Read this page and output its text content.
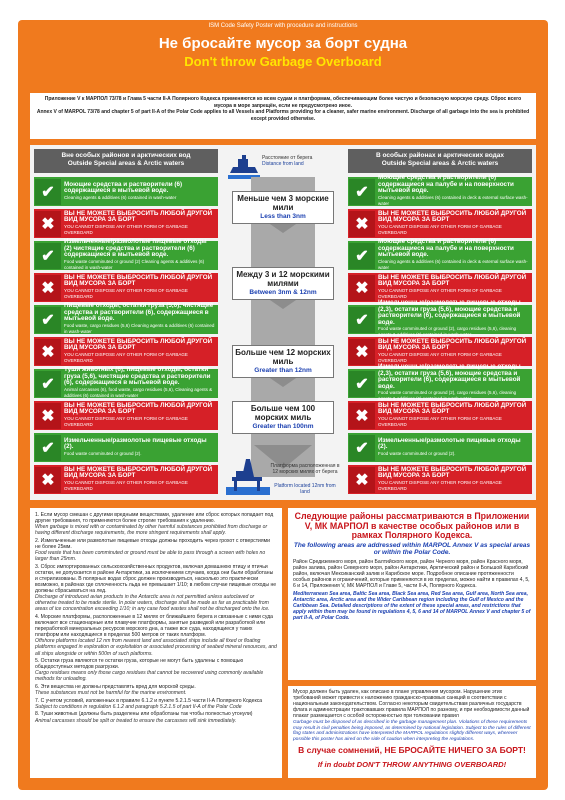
ISM Code Safety Poster with procedure and instructions
Не бросайте мусор за борт судна
Don't throw Garbage Overboard
Приложение V к МАРПОЛ 73/78 и Глава 5 части II-А Полярного Кодекса применяются ко всем судам и платформам, обеспечивающим более чистую и безопасную морскую среду. Сброс всего мусора в море запрещён, если не предусмотрено иное.
Annex V of MARPOL 73/78 and chapter 5 of part II-A of the Polar Code applies to all Vessels and Platforms providing for a cleaner, safer marine environment. Discharge of all garbage into the sea is prohibited except provided otherwise.
Вне особых районов и арктических вод
Outside Special areas & Arctic waters
В особых районах и арктических водах
Outside Special areas & Arctic waters
✔	Моющие средства и растворители (6) содержащиеся в мытьевой воде.
Cleaning agents & additives (6) contained in wash-water
✖
ВЫ НЕ МОЖЕТЕ ВЫБРОСИТЬ ЛЮБОЙ ДРУГОЙ ВИД МУСОРА ЗА БОРТ
YOU CANNOT DISPOSE ANY OTHER FORM OF GARBAGE OVERBOARD
✔
Измельченные/размолотые пищевые отходы (2) чистящие средства и растворители (6) содержащиеся в мытьевой воде.
Food waste comminuted or ground (2) Cleaning agents & additives (6) contained in wash-water
✖
ВЫ НЕ МОЖЕТЕ ВЫБРОСИТЬ ЛЮБОЙ ДРУГОЙ ВИД МУСОРА ЗА БОРТ
YOU CANNOT DISPOSE ANY OTHER FORM OF GARBAGE OVERBOARD
✔
Пищевые отходы, остатки груза (5,6), чистящие средства и растворители (6), содержащиеся в мытьевой воде.
Food waste, cargo residues (5,6) Cleaning agents & additives (6) contained in wash-water
✖
ВЫ НЕ МОЖЕТЕ ВЫБРОСИТЬ ЛЮБОЙ ДРУГОЙ ВИД МУСОРА ЗА БОРТ
YOU CANNOT DISPOSE ANY OTHER FORM OF GARBAGE OVERBOARD
✔
Туши животных (6), пищевые отходы, остатки груза (5,6), чистящие средства и растворители (6), содержащиеся в мытьевой воде.
Animal carcasses (6), food waste, cargo residues (5,6), Cleaning agents & additives (6) contained in wash-water
✖
ВЫ НЕ МОЖЕТЕ ВЫБРОСИТЬ ЛЮБОЙ ДРУГОЙ ВИД МУСОРА ЗА БОРТ
YOU CANNOT DISPOSE ANY OTHER FORM OF GARBAGE OVERBOARD
✔	Измельченные/размолотые пищевые отходы (2).
Food waste comminuted or ground (2).
✖
ВЫ НЕ МОЖЕТЕ ВЫБРОСИТЬ ЛЮБОЙ ДРУГОЙ ВИД МУСОРА ЗА БОРТ
YOU CANNOT DISPOSE ANY OTHER FORM OF GARBAGE OVERBOARD
✔
Моющие средства и растворители (6) содержащиеся на палубе и на поверхности мытьевой воде.
Cleaning agents & additives (6) contained in deck & external surface wash-water
✖
ВЫ НЕ МОЖЕТЕ ВЫБРОСИТЬ ЛЮБОЙ ДРУГОЙ ВИД МУСОРА ЗА БОРТ
YOU CANNOT DISPOSE ANY OTHER FORM OF GARBAGE OVERBOARD
✔
Моющие средства и растворители (6) содержащиеся на палубе и на поверхности мытьевой воде.
Cleaning agents & additives (6) contained in deck & external surface wash-water
✖
ВЫ НЕ МОЖЕТЕ ВЫБРОСИТЬ ЛЮБОЙ ДРУГОЙ ВИД МУСОРА ЗА БОРТ
YOU CANNOT DISPOSE ANY OTHER FORM OF GARBAGE OVERBOARD
✔
Измельченные/размолотые пищевые отходы (2,3), остатки груза (5,6), моющие средства и растворители (6), содержащиеся в мытьевой воде.
Food waste comminuted or ground (2), cargo residues (5,6), cleaning agents & additives (6) contained in wash-water
✖
ВЫ НЕ МОЖЕТЕ ВЫБРОСИТЬ ЛЮБОЙ ДРУГОЙ ВИД МУСОРА ЗА БОРТ
YOU CANNOT DISPOSE ANY OTHER FORM OF GARBAGE OVERBOARD
✔
Измельченные/размолотые пищевые отходы (2,3), остатки груза (5,6), моющие средства и растворители (6), содержащиеся в мытьевой воде.
Food waste comminuted or ground (2), cargo residues (5,6), cleaning agents & additives (6) contained in wash-water
✖
ВЫ НЕ МОЖЕТЕ ВЫБРОСИТЬ ЛЮБОЙ ДРУГОЙ ВИД МУСОРА ЗА БОРТ
YOU CANNOT DISPOSE ANY OTHER FORM OF GARBAGE OVERBOARD
✔	Измельченные/размолотые пищевые отходы (2).
Food waste comminuted or ground (2).
✖
ВЫ НЕ МОЖЕТЕ ВЫБРОСИТЬ ЛЮБОЙ ДРУГОЙ ВИД МУСОРА ЗА БОРТ
YOU CANNOT DISPOSE ANY OTHER FORM OF GARBAGE OVERBOARD
Расстояние от берега
Distance from land
Меньше чем 3 морские мили
Less than 3nm
Между 3 и 12 морскими милями
Between 3nm & 12nm
Больше чем 12 морских миль
Greater than 12nm
Больше чем 100 морских миль
Greater than 100nm
Платформа расположенная в 12 морских милях от берега
Platform located 12nm from land

1. Если мусор смешан с другими вредными веществами, удаление или сброс которых попадает под другие требования, то применяются более строгие требования к удалению.
When garbage is mixed with or contaminated by other harmful substances prohibited from discharge or having different discharge requirements, the more stringent requirements shall apply.

2. Измельченные или размолотые пищевые отходы должны проходить через грохот с отверстиями не более 25мм.
Food waste that has been comminuted or ground must be able to pass through a screen with holes no larger than 25mm.

3. Сброс импортированных сельскохозяйственных продуктов, включая домашнюю птицу и птичьи остатки, не допускается в районе Антарктики, за исключением случаев, когда они были обработаны и стерилизованы. В полярных водах сброс должен производиться, насколько это практически возможно, в районах где сплоченность льда не превышает 1/10; в любом случае пищевые отходы не должны сбрасываться на лед.
Discharge of introduced avian products in the Antarctic area is not permitted unless autoclaved or otherwise treated to be made sterile. In polar waters, discharge shall be made as far as practicable from areas of ice concentration exceeding 1/10; in any case food wastes shall not be discharged onto the ice.

4. Морские платформы, расположенные в 12 милях от ближайшего берега и связанные с ними суда включают все стационарные или плавучие платформы, занятые разведкой или разработкой или переработкой минеральных ресурсов морского дна, а также все суда, находящиеся у таких платформ или находящиеся в пределах 500 метров от таких платформ.
Offshore platforms located 12 nm from nearest land and associated ships include all fixed or floating platforms engaged in exploration or exploitation or associated processing of seabed mineral resources, and all ships alongside or within 500m of such platforms.

5. Остатки груза являются те остатки груза, которые не могут быть удалены с помощью общедоступных методов разгрузки.
Cargo residues means only those cargo residues that cannot be recovered using commonly available methods for unloading.

6. Эти вещества не должны представлять вред для морской среды.
These substances must not be harmful for the marine environment.

7. С учетом условий, изложенных в правиле 6.1.2 и пункте 5.2.1.5 части II-А Полярного Кодекса
Subject to conditions in regulation 6.1.2 and paragraph 5.2.1.5 of part II-A of the Polar Code

8. Туши животных (должны быть разделены или обработаны так чтобы полностью утонули)
Animal carcasses should be split or treated to ensure the carcasses will sink immediately.

Следующие районы рассматриваются в Приложении V, МК МАРПОЛ в качестве особых районов или в рамках Полярного Кодекса.
The following areas are addressed within MARPOL Annex V as special areas or within the Polar Code.

Район Средиземного моря, район Балтийского моря, район Черного моря, район Красного моря, район залива, район Северного моря, район Антарктики, Арктический район и Большой Карибский район, включая Мексиканский залив и Карибское море. Подробное описание протяженности особых районов и ограничений, которые применяются в их пределах, можно найти в правилах 4, 5, 6 и 14, Приложения V, МК МАРПОЛ и Главе 5, части II-А, Полярного Кодекса.

Mediterranean Sea area, Baltic Sea area, Black Sea area, Red Sea area, Gulf area, North Sea area, Antarctic area, Arctic area and the Wider Caribbean region including the Gulf of Mexico and the Caribbean Sea. Detailed descriptions of the extent of these special areas, and restrictions that apply within them may be found in regulations 4, 5, 6 and 14 of MARPOL Annex V and chapter 5 of part II-A, of Polar Code.

Мусор должен быть удален, как описано в плане управления мусором. Нарушение этих требований может привести к наложению гражданско-правовых санкций в соответствии с национальным законодательством. Согласно некоторым свидетельствам различных государств флага и администрации трактовавших правила МАРПОЛ по разному, и при необходимости данный плакат размещается с особой осторожностью при толковании правил
Garbage must be disposed of as described in the garbage management plan. Violations of these requirements may result in civil penalties being imposed, as determined by national legislation. Subject to the rules of different flag states and administrations have interpreted the MARPOL regulations slightly different ways, wherever possible this poster has aired on the side of caution when interpreting the regulations.
В случае сомнений, НЕ БРОСАЙТЕ НИЧЕГО ЗА БОРТ!
If in doubt DON'T THROW ANYTHING OVERBOARD!
